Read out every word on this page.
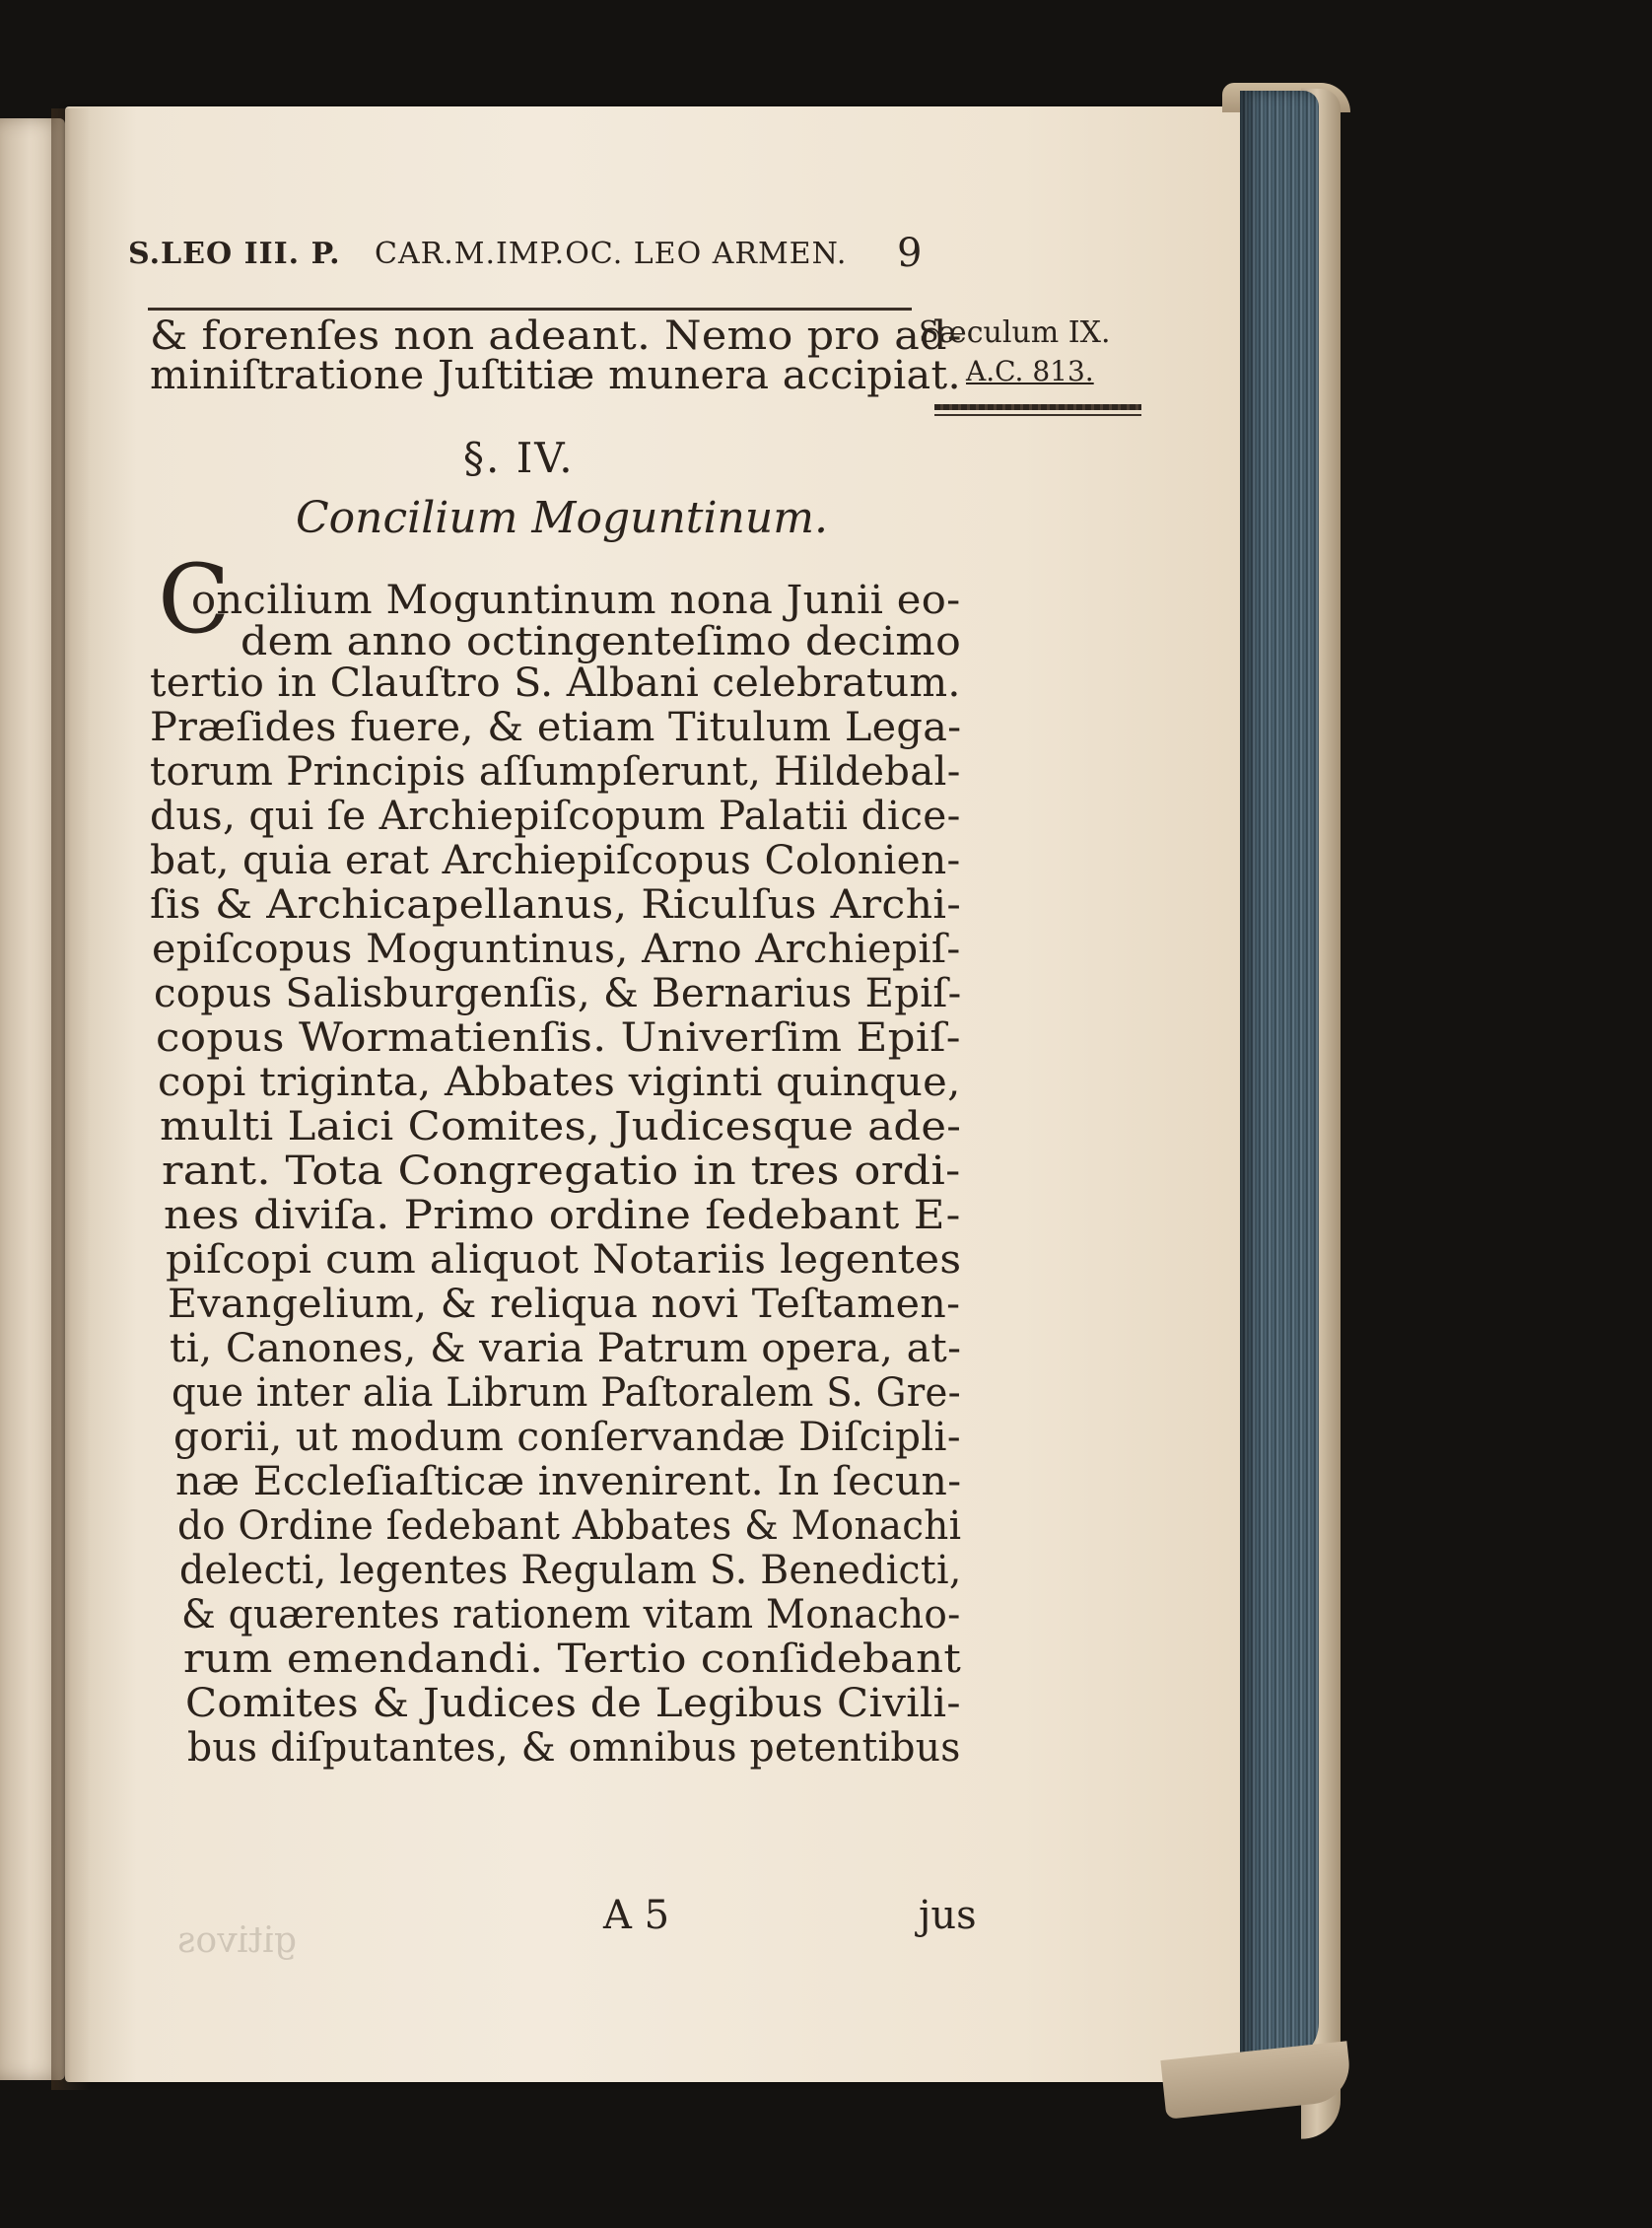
S.LEO III. P. CAR.M.IMP.OC. LEO ARMEN. 9
Sæculum IX.
A.C. 813.
§. IV.
Concilium Moguntinum.
C
& forenſes non adeant. Nemo pro ad-
miniſtratione Juſtitiæ munera accipiat.
oncilium Moguntinum nona Junii eo-
dem anno octingenteſimo decimo
tertio in Clauſtro S. Albani celebratum.
Præſides fuere, & etiam Titulum Lega-
torum Principis aſſumpſerunt, Hildebal-
dus, qui ſe Archiepiſcopum Palatii dice-
bat, quia erat Archiepiſcopus Colonien-
ſis & Archicapellanus, Riculſus Archi-
epiſcopus Moguntinus, Arno Archiepiſ-
copus Salisburgenſis, & Bernarius Epiſ-
copus Wormatienſis. Univerſim Epiſ-
copi triginta, Abbates viginti quinque,
multi Laici Comites, Judicesque ade-
rant. Tota Congregatio in tres ordi-
nes diviſa. Primo ordine ſedebant E-
piſcopi cum aliquot Notariis legentes
Evangelium, & reliqua novi Teſtamen-
ti, Canones, & varia Patrum opera, at-
que inter alia Librum Paſtoralem S. Gre-
gorii, ut modum conſervandæ Diſcipli-
næ Eccleſiaſticæ invenirent. In ſecun-
do Ordine ſedebant Abbates & Monachi
delecti, legentes Regulam S. Benedicti,
& quærentes rationem vitam Monacho-
rum emendandi. Tertio conſidebant
Comites & Judices de Legibus Civili-
bus diſputantes, & omnibus petentibus
gitivos
A 5	jus
